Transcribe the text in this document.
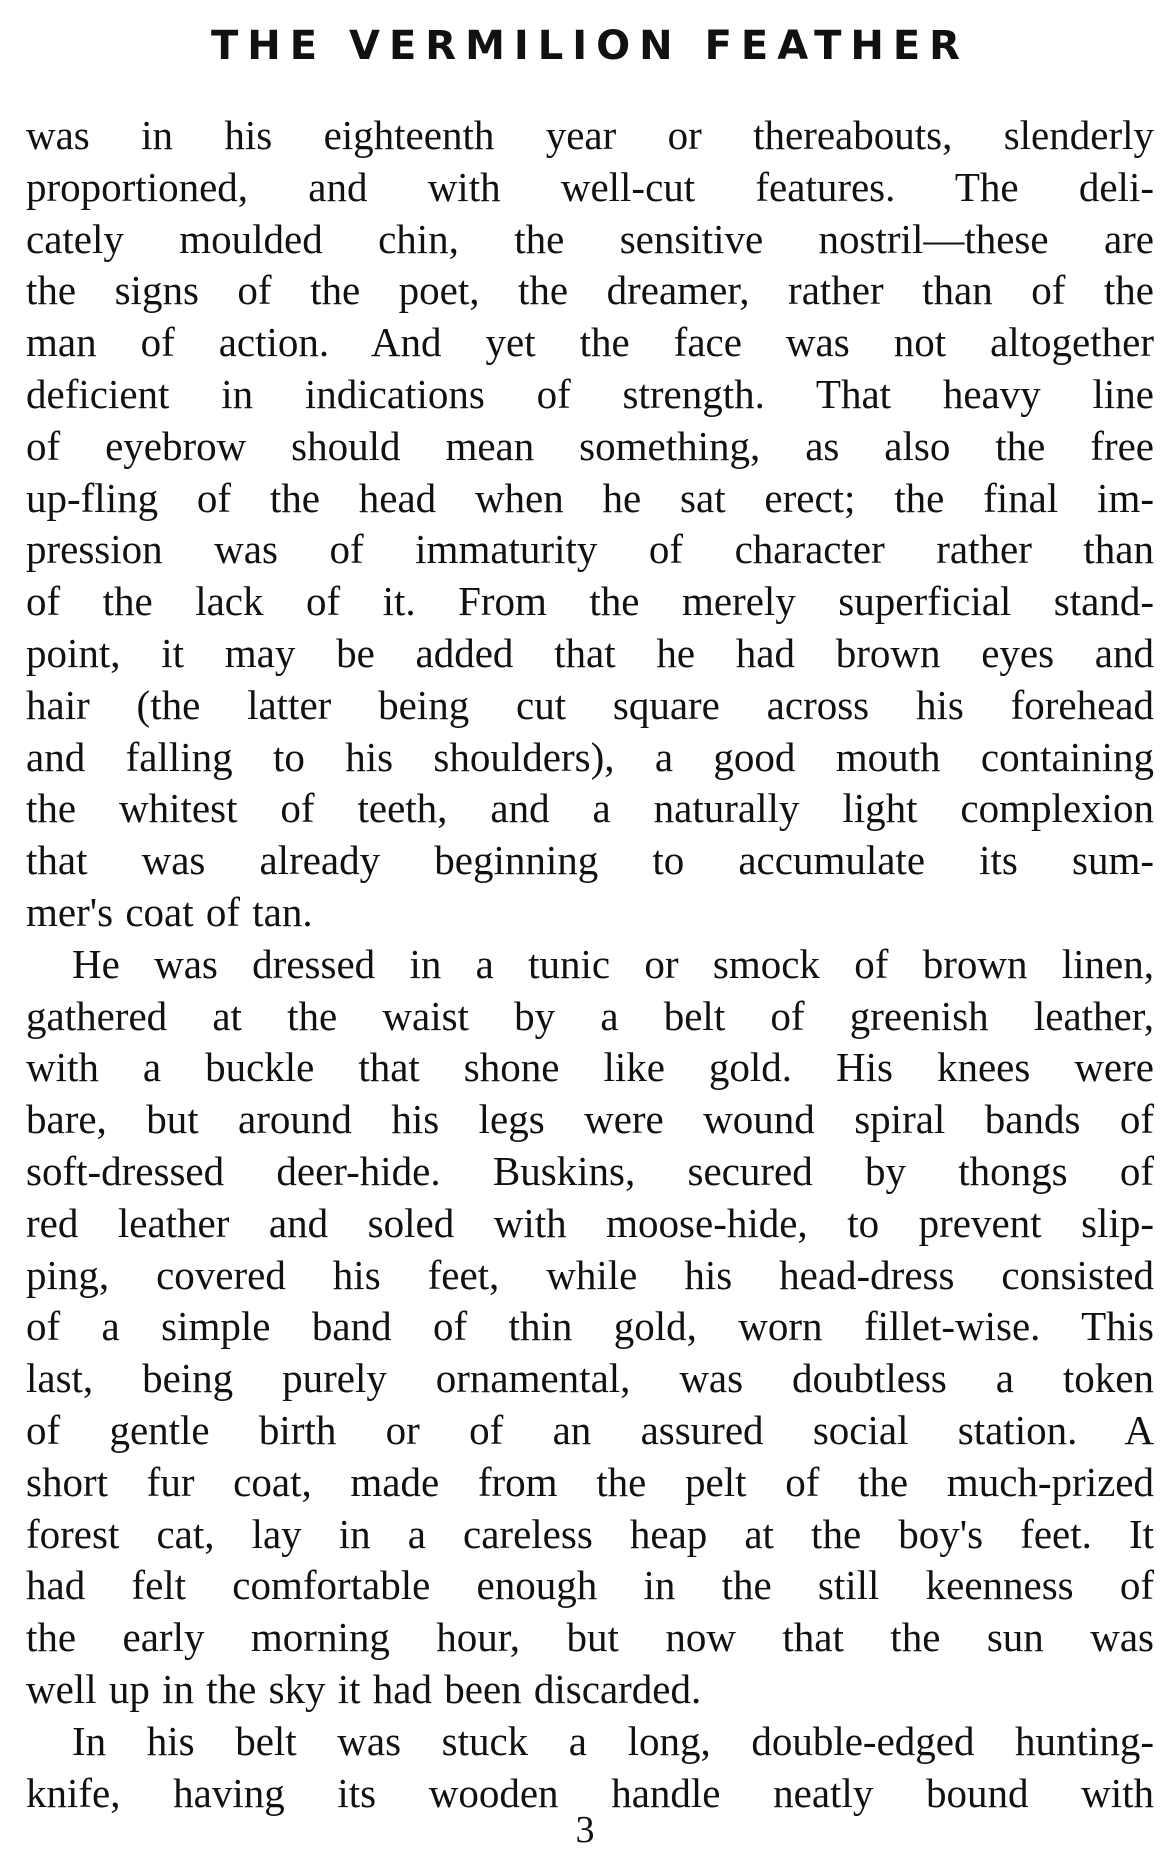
THE VERMILION FEATHER
was in his eighteenth year or thereabouts, slenderly
proportioned, and with well-cut features. The deli-
cately moulded chin, the sensitive nostril—these are
the signs of the poet, the dreamer, rather than of the
man of action. And yet the face was not altogether
deficient in indications of strength. That heavy line
of eyebrow should mean something, as also the free
up-fling of the head when he sat erect; the final im-
pression was of immaturity of character rather than
of the lack of it. From the merely superficial stand-
point, it may be added that he had brown eyes and
hair (the latter being cut square across his forehead
and falling to his shoulders), a good mouth containing
the whitest of teeth, and a naturally light complexion
that was already beginning to accumulate its sum-
mer's coat of tan.
He was dressed in a tunic or smock of brown linen,
gathered at the waist by a belt of greenish leather,
with a buckle that shone like gold. His knees were
bare, but around his legs were wound spiral bands of
soft-dressed deer-hide. Buskins, secured by thongs of
red leather and soled with moose-hide, to prevent slip-
ping, covered his feet, while his head-dress consisted
of a simple band of thin gold, worn fillet-wise. This
last, being purely ornamental, was doubtless a token
of gentle birth or of an assured social station. A
short fur coat, made from the pelt of the much-prized
forest cat, lay in a careless heap at the boy's feet. It
had felt comfortable enough in the still keenness of
the early morning hour, but now that the sun was
well up in the sky it had been discarded.
In his belt was stuck a long, double-edged hunting-
knife, having its wooden handle neatly bound with
3
